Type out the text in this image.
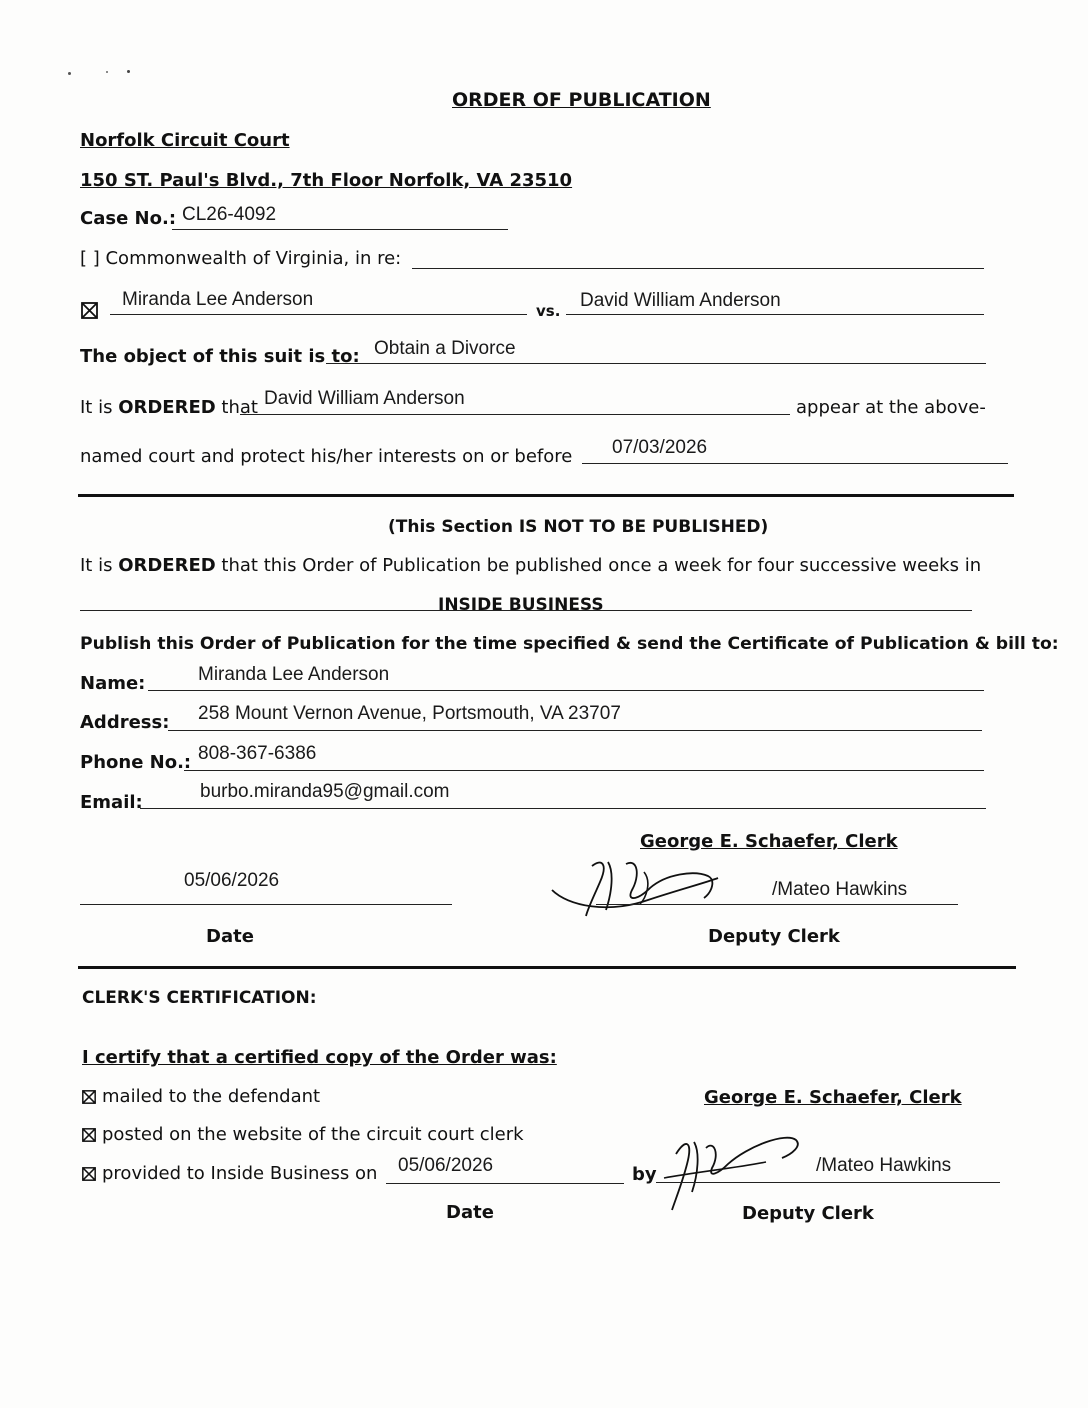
ORDER OF PUBLICATION
Norfolk Circuit Court
150 ST. Paul's Blvd., 7th Floor Norfolk, VA 23510
Case No.: CL26-4092
[ ] Commonwealth of Virginia, in re:
Miranda Lee Anderson
vs. David William Anderson
The object of this suit is to: Obtain a Divorce
It is ORDERED that David William Anderson	appear at the above-
named court and protect his/her interests on or before 07/03/2026
(This Section IS NOT TO BE PUBLISHED)
It is ORDERED that this Order of Publication be published once a week for four successive weeks in
INSIDE BUSINESS
Publish this Order of Publication for the time specified & send the Certificate of Publication & bill to:
Name:	Miranda Lee Anderson
Address: 258 Mount Vernon Avenue, Portsmouth, VA 23707
Phone No.: 808-367-6386
Email:
burbo.miranda95@gmail.com
George E. Schaefer, Clerk
05/06/2026	/Mateo Hawkins
Date	Deputy Clerk
CLERK'S CERTIFICATION:
I certify that a certified copy of the Order was:
mailed to the defendant
posted on the website of the circuit court clerk
provided to Inside Business on 05/06/2026	by
George E. Schaefer, Clerk
/Mateo Hawkins
Date	Deputy Clerk
